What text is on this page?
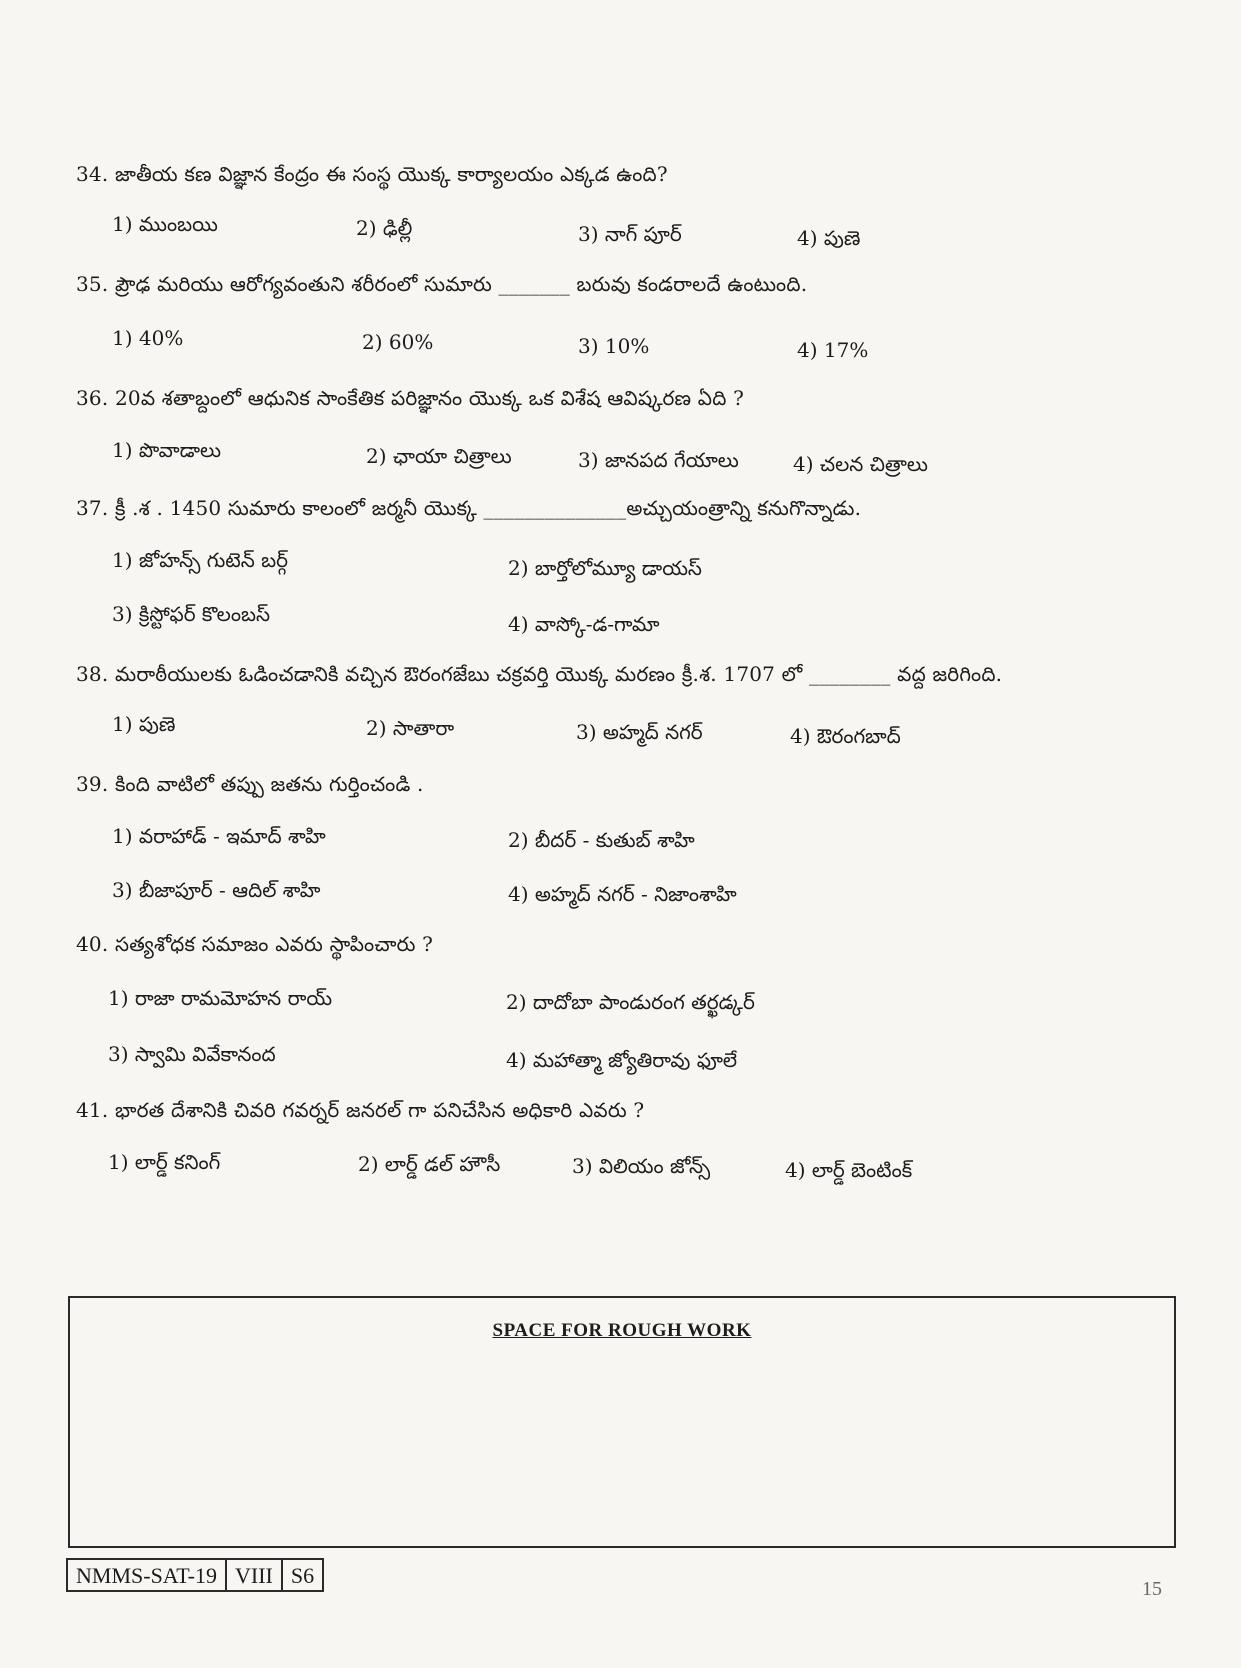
34. జాతీయ కణ విజ్ఞాన కేంద్రం ఈ సంస్థ యొక్క కార్యాలయం ఎక్కడ ఉంది?
1) ముంబయి	2) ఢిల్లీ	3) నాగ్ పూర్	4) పుణె
35. ప్రౌఢ మరియు ఆరోగ్యవంతుని శరీరంలో సుమారు _______ బరువు కండరాలదే ఉంటుంది.
1) 40%	2) 60%	3) 10%	4) 17%
36. 20వ శతాబ్దంలో ఆధునిక సాంకేతిక పరిజ్ఞానం యొక్క ఒక విశేష ఆవిష్కరణ ఏది ?
1) పొవాడాలు	2) ఛాయా చిత్రాలు	3) జానపద గేయాలు	4) చలన చిత్రాలు
37. క్రీ .శ . 1450 సుమారు కాలంలో జర్మనీ యొక్క ______________అచ్చుయంత్రాన్ని కనుగొన్నాడు.
1) జోహన్స్ గుటెన్ బర్గ్	2) బార్తోలోమ్యూ డాయస్
3) క్రిస్టోఫర్ కొలంబస్	4) వాస్కో-డ-గామా
38. మరాఠీయులకు ఓడించడానికి వచ్చిన ఔరంగజేబు చక్రవర్తి యొక్క మరణం క్రీ.శ. 1707 లో ________ వద్ద జరిగింది.
1) పుణె	2) సాతారా	3) అహ్మద్ నగర్	4) ఔరంగబాద్
39. కింది వాటిలో తప్పు జతను గుర్తించండి .
1) వరాహాడ్ - ఇమాద్ శాహి	2) బీదర్ - కుతుబ్ శాహి
3) బీజాపూర్ - ఆదిల్ శాహి	4) అహ్మద్ నగర్ - నిజాంశాహి
40. సత్యశోధక సమాజం ఎవరు స్థాపించారు ?
1) రాజా రామమోహన రాయ్	2) దాదోబా పాండురంగ తర్ఖడ్కర్
3) స్వామి వివేకానంద	4) మహాత్మా జ్యోతిరావు ఫూలే
41. భారత దేశానికి చివరి గవర్నర్ జనరల్ గా పనిచేసిన అధికారి ఎవరు ?
1) లార్డ్ కనింగ్	2) లార్డ్ డల్ హౌసీ	3) విలియం జోన్స్	4) లార్డ్ బెంటింక్
SPACE FOR ROUGH WORK
NMMS-SAT-19 VIII S6
15
